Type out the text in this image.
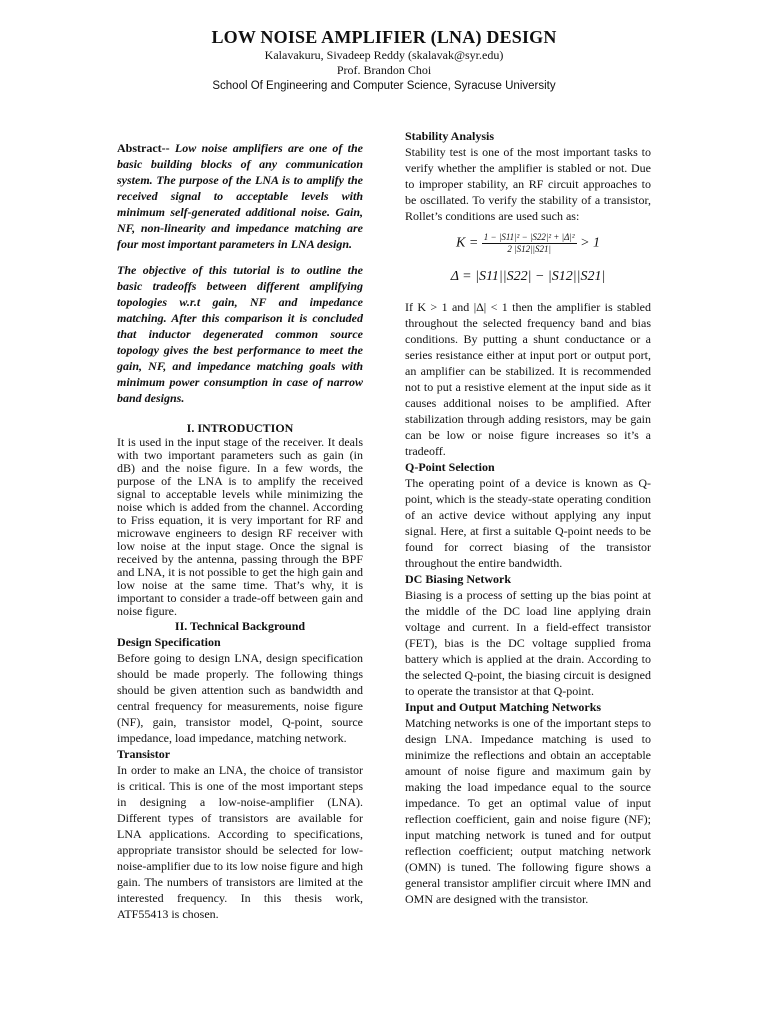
LOW NOISE AMPLIFIER (LNA) DESIGN

Kalavakuru, Sivadeep Reddy (skalavak@syr.edu)

Prof. Brandon Choi

School Of Engineering and Computer Science, Syracuse University

Abstract-- Low noise amplifiers are one of the basic building blocks of any communication system. The purpose of the LNA is to amplify the received signal to acceptable levels with minimum self-generated additional noise. Gain, NF, non-linearity and impedance matching are four most important parameters in LNA design.

The objective of this tutorial is to outline the basic tradeoffs between different amplifying topologies w.r.t gain, NF and impedance matching. After this comparison it is concluded that inductor degenerated common source topology gives the best performance to meet the gain, NF, and impedance matching goals with minimum power consumption in case of narrow band designs.

I. INTRODUCTION

It is used in the input stage of the receiver. It deals with two important parameters such as gain (in dB) and the noise figure. In a few words, the purpose of the LNA is to amplify the received signal to acceptable levels while minimizing the noise which is added from the channel. According to Friss equation, it is very important for RF and microwave engineers to design RF receiver with low noise at the input stage. Once the signal is received by the antenna, passing through the BPF and LNA, it is not possible to get the high gain and low noise at the same time. That’s why, it is important to consider a trade-off between gain and noise figure.

II. Technical Background

Design Specification

Before going to design LNA, design specification should be made properly. The following things should be given attention such as bandwidth and central frequency for measurements, noise figure (NF), gain, transistor model, Q-point, source impedance, load impedance, matching network.

Transistor

In order to make an LNA, the choice of transistor is critical. This is one of the most important steps in designing a low-noise-amplifier (LNA). Different types of transistors are available for LNA applications. According to specifications, appropriate transistor should be selected for low-noise-amplifier due to its low noise figure and high gain. The numbers of transistors are limited at the interested frequency. In this thesis work, ATF55413 is chosen.

Stability Analysis

Stability test is one of the most important tasks to verify whether the amplifier is stabled or not. Due to improper stability, an RF circuit approaches to be oscillated. To verify the stability of a transistor, Rollet’s conditions are used such as:

$K = \frac{\text{1 − |S11|² − |S22|² + |Δ|²}}{2 |S12||S21|} > 1$

Δ = |S11||S22| − |S12||S21|

If K > 1 and |Δ| < 1 then the amplifier is stabled throughout the selected frequency band and bias conditions. By putting a shunt conductance or a series resistance either at input port or output port, an amplifier can be stabilized. It is recommended not to put a resistive element at the input side as it causes additional noises to be amplified. After stabilization through adding resistors, may be gain can be low or noise figure increases so it’s a tradeoff.

Q-Point Selection

The operating point of a device is known as Q-point, which is the steady-state operating condition of an active device without applying any input signal. Here, at first a suitable Q-point needs to be found for correct biasing of the transistor throughout the entire bandwidth.

DC Biasing Network

Biasing is a process of setting up the bias point at the middle of the DC load line applying drain voltage and current. In a field-effect transistor (FET), bias is the DC voltage supplied froma battery which is applied at the drain. According to the selected Q-point, the biasing circuit is designed to operate the transistor at that Q-point.

Input and Output Matching Networks

Matching networks is one of the important steps to design LNA. Impedance matching is used to minimize the reflections and obtain an acceptable amount of noise figure and maximum gain by making the load impedance equal to the source impedance. To get an optimal value of input reflection coefficient, gain and noise figure (NF); input matching network is tuned and for output reflection coefficient; output matching network (OMN) is tuned. The following figure shows a general transistor amplifier circuit where IMN and OMN are designed with the transistor.
